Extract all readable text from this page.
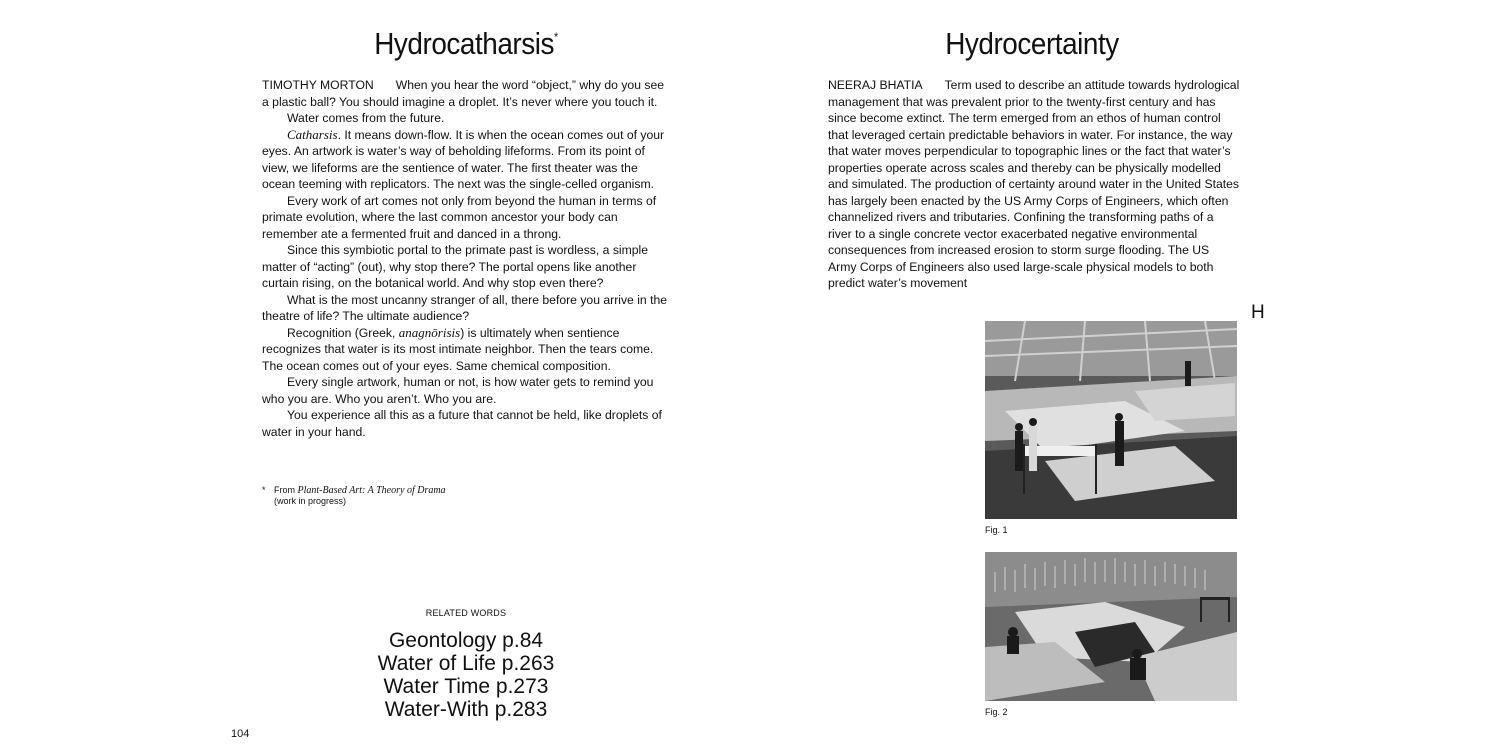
Hydrocatharsis*

TIMOTHY MORTON When you hear the word “object,” why do you see a plastic ball? You should imagine a droplet. It’s never where you touch it.

Water comes from the future.

Catharsis. It means down-flow. It is when the ocean comes out of your eyes. An artwork is water’s way of beholding lifeforms. From its point of view, we lifeforms are the sentience of water. The first theater was the ocean teeming with replicators. The next was the single-celled organism.

Every work of art comes not only from beyond the human in terms of primate evolution, where the last common ancestor your body can remember ate a fermented fruit and danced in a throng.

Since this symbiotic portal to the primate past is wordless, a simple matter of “acting” (out), why stop there? The portal opens like another curtain rising, on the botanical world. And why stop even there?

What is the most uncanny stranger of all, there before you arrive in the theatre of life? The ultimate audience?

Recognition (Greek, anagnōrisis) is ultimately when sentience recognizes that water is its most intimate neighbor. Then the tears come. The ocean comes out of your eyes. Same chemical composition.

Every single artwork, human or not, is how water gets to remind you who you are. Who you aren’t. Who you are.

You experience all this as a future that cannot be held, like droplets of water in your hand.

* From Plant-Based Art: A Theory of Drama
(work in progress)
RELATED WORDS
Geontology p.84
Water of Life p.263
Water Time p.273
Water-With p.283
104
Hydrocertainty

NEERAJ BHATIA Term used to describe an attitude towards hydrological management that was prevalent prior to the twenty-first century and has since become extinct. The term emerged from an ethos of human control that leveraged certain predictable behaviors in water. For instance, the way that water moves perpendicular to topographic lines or the fact that water’s properties operate across scales and thereby can be physically modelled and simulated. The production of certainty around water in the United States has largely been enacted by the US Army Corps of Engineers, which often channelized rivers and tributaries. Confining the transforming paths of a river to a single concrete vector exacerbated negative environmental consequences from increased erosion to storm surge flooding. The US Army Corps of Engineers also used large-scale physical models to both predict water’s movement

H
Fig. 1
Fig. 2
